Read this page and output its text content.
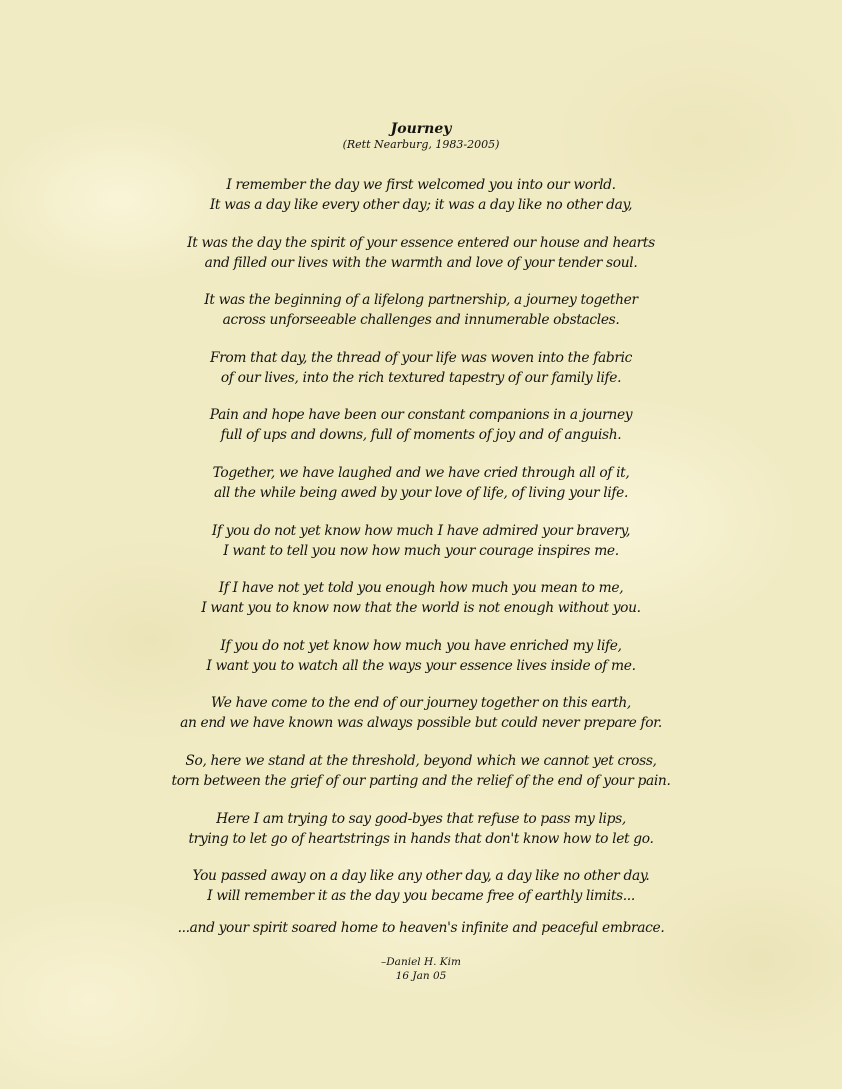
Journey
(Rett Nearburg, 1983-2005)
I remember the day we first welcomed you into our world.
It was a day like every other day; it was a day like no other day,
It was the day the spirit of your essence entered our house and hearts
and filled our lives with the warmth and love of your tender soul.
It was the beginning of a lifelong partnership, a journey together
across unforseeable challenges and innumerable obstacles.
From that day, the thread of your life was woven into the fabric
of our lives, into the rich textured tapestry of our family life.
Pain and hope have been our constant companions in a journey
full of ups and downs, full of moments of joy and of anguish.
Together, we have laughed and we have cried through all of it,
all the while being awed by your love of life, of living your life.
If you do not yet know how much I have admired your bravery,
I want to tell you now how much your courage inspires me.
If I have not yet told you enough how much you mean to me,
I want you to know now that the world is not enough without you.
If you do not yet know how much you have enriched my life,
I want you to watch all the ways your essence lives inside of me.
We have come to the end of our journey together on this earth,
an end we have known was always possible but could never prepare for.
So, here we stand at the threshold, beyond which we cannot yet cross,
torn between the grief of our parting and the relief of the end of your pain.
Here I am trying to say good-byes that refuse to pass my lips,
trying to let go of heartstrings in hands that don't know how to let go.
You passed away on a day like any other day, a day like no other day.
I will remember it as the day you became free of earthly limits...
...and your spirit soared home to heaven's infinite and peaceful embrace.
–Daniel H. Kim
16 Jan 05
